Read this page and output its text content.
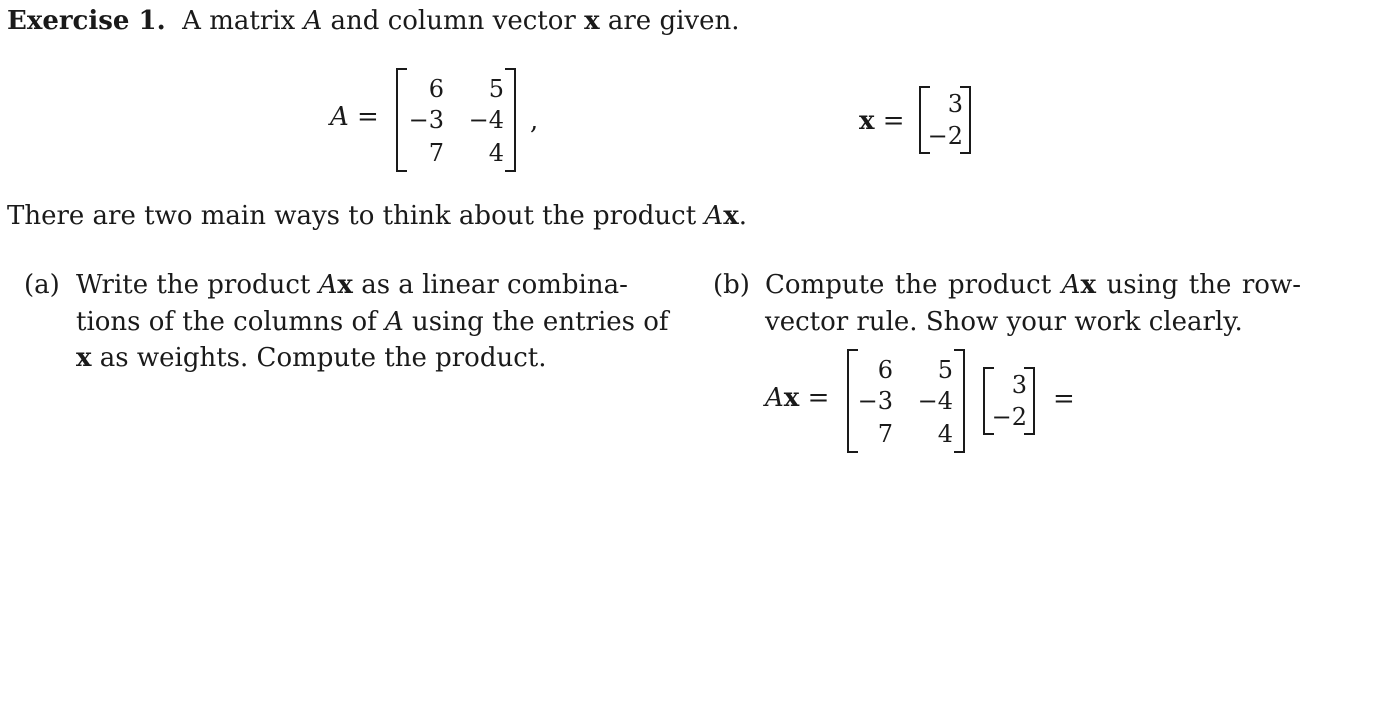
Exercise 1. A matrix A and column vector x are given.
A =
6	5
−3 −4
7	4
,	x =
3
−2
There are two main ways to think about the product Ax.
(a) Write the product Ax as a linear combina-
tions of the columns of A using the entries of
x as weights. Compute the product.
(b) Compute the product Ax using the row-
vector rule. Show your work clearly.
Ax =
6	5
−3 −4
7	4
3
−2
=
